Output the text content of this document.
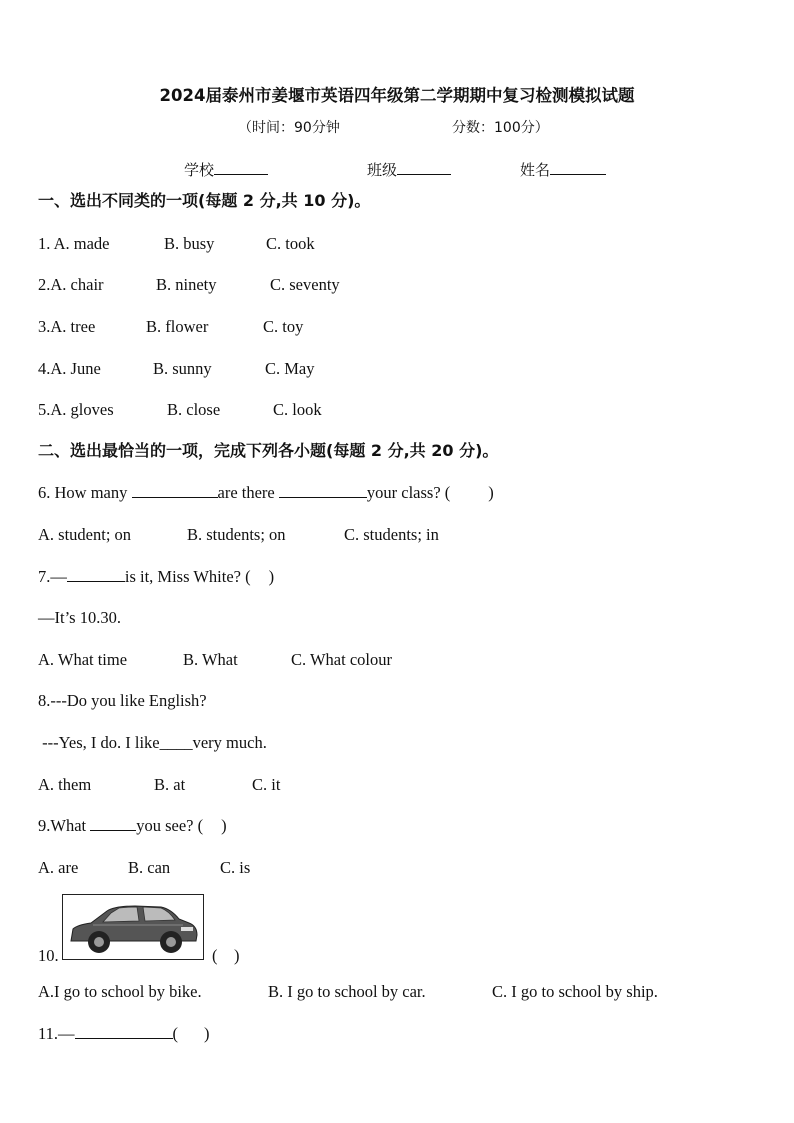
2024届泰州市姜堰市英语四年级第二学期期中复习检测模拟试题
（时间：90分钟	分数：100分）
学校	班级	姓名
一、选出不同类的一项(每题 2 分,共 10 分)。
1. A. made	B. busy	C. took
2.A. chair	B. ninety	C. seventy
3.A. tree	B. flower	C. toy
4.A. June	B. sunny	C. May
5.A. gloves	B. close	C. look
二、选出最恰当的一项，完成下列各小题(每题 2 分,共 20 分)。
6. How many	are there	your class? ( )
A. student; on	B. students; on	C. students; in
7.—	is it, Miss White? ( )
—It’s 10.30.
A. What time	B. What	C. What colour
8.---Do you like English?
---Yes, I do. I like____very much.
A. them	B. at	C. it
9.What	you see? ( )
A. are	B. can	C. is
10.	(    )
A.I go to school by bike.	B. I go to school by car.	C. I go to school by ship.
11.—	( )
